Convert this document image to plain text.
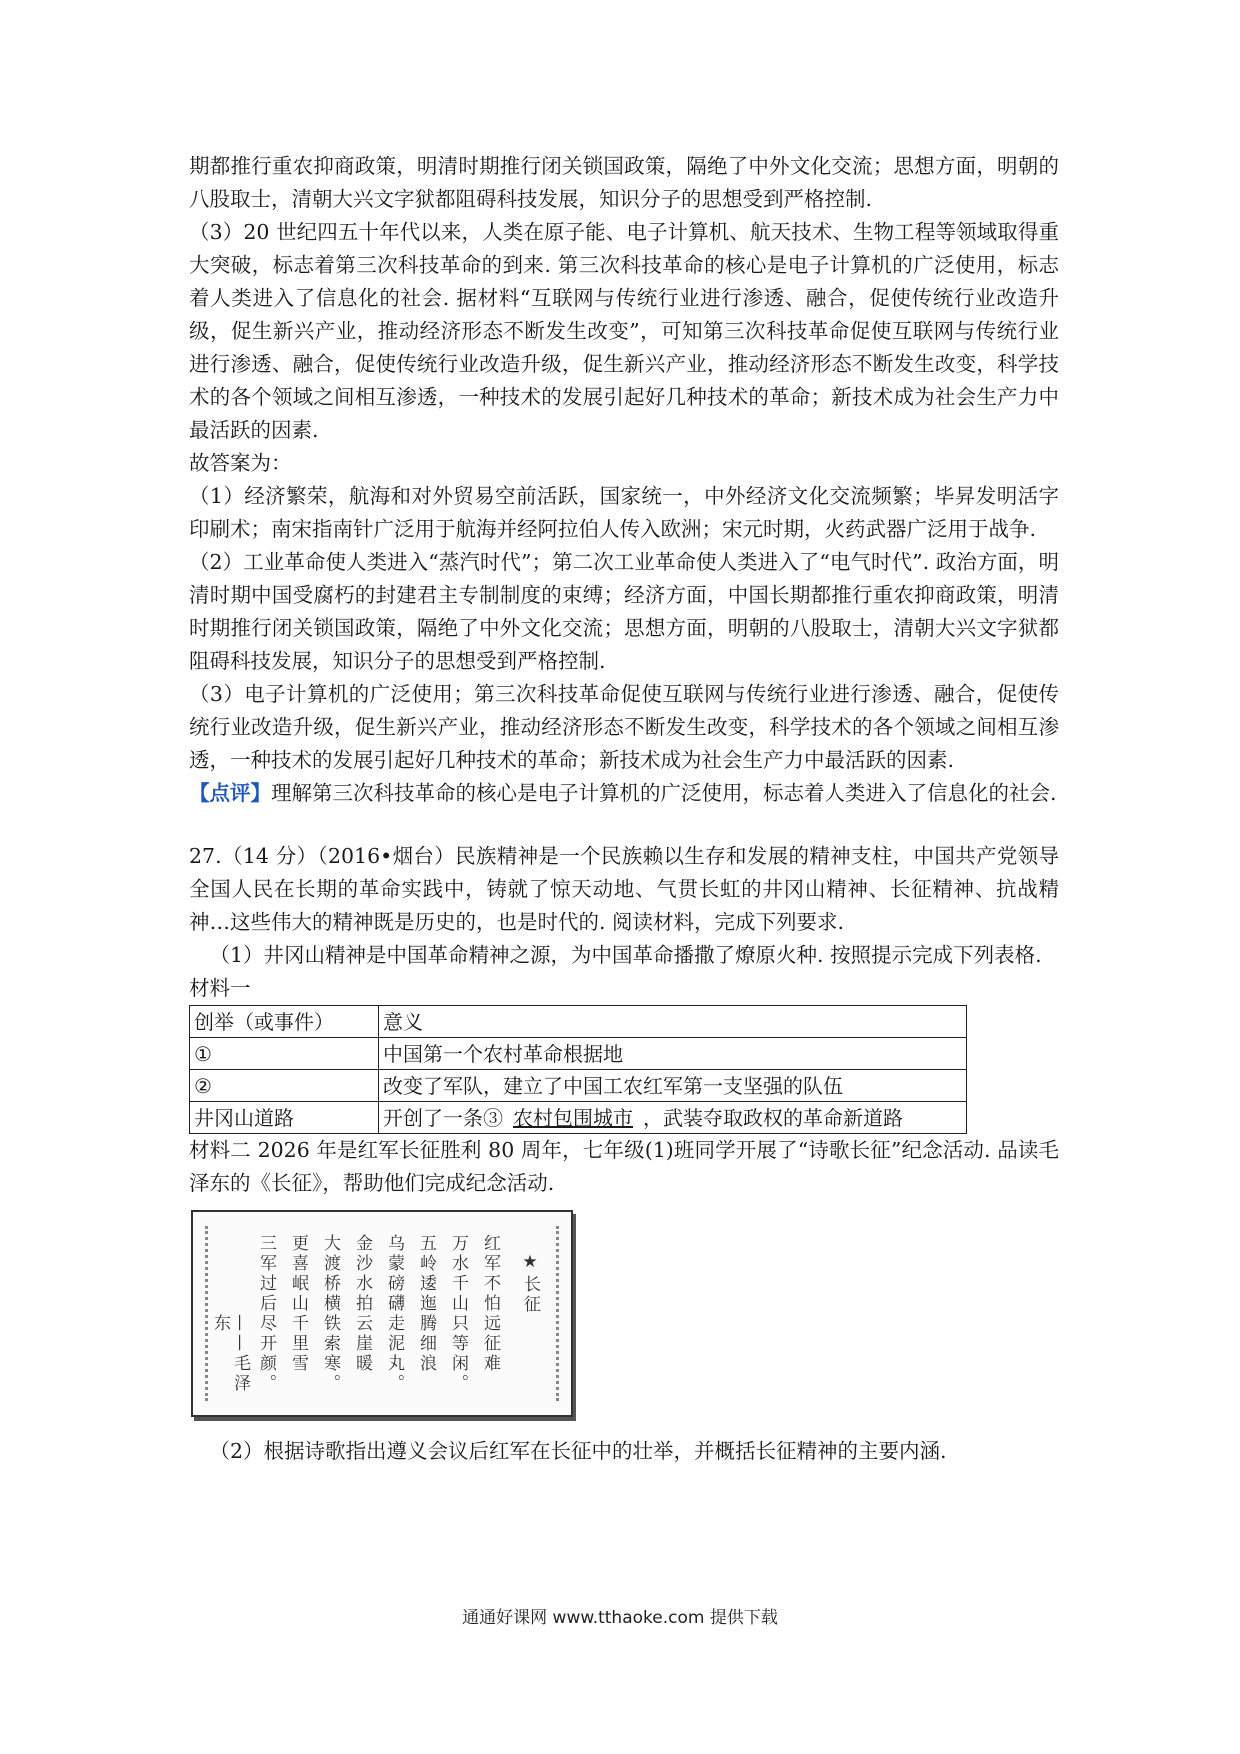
期都推行重农抑商政策，明清时期推行闭关锁国政策，隔绝了中外文化交流；思想方面，明朝的八股取士，清朝大兴文字狱都阻碍科技发展，知识分子的思想受到严格控制.

（3）20 世纪四五十年代以来，人类在原子能、电子计算机、航天技术、生物工程等领域取得重大突破，标志着第三次科技革命的到来. 第三次科技革命的核心是电子计算机的广泛使用，标志着人类进入了信息化的社会. 据材料“互联网与传统行业进行渗透、融合，促使传统行业改造升级，促生新兴产业，推动经济形态不断发生改变”，可知第三次科技革命促使互联网与传统行业进行渗透、融合，促使传统行业改造升级，促生新兴产业，推动经济形态不断发生改变，科学技术的各个领域之间相互渗透，一种技术的发展引起好几种技术的革命；新技术成为社会生产力中最活跃的因素.

故答案为：

（1）经济繁荣，航海和对外贸易空前活跃，国家统一，中外经济文化交流频繁；毕昇发明活字印刷术；南宋指南针广泛用于航海并经阿拉伯人传入欧洲；宋元时期，火药武器广泛用于战争.

（2）工业革命使人类进入“蒸汽时代”；第二次工业革命使人类进入了“电气时代”. 政治方面，明清时期中国受腐朽的封建君主专制制度的束缚；经济方面，中国长期都推行重农抑商政策，明清时期推行闭关锁国政策，隔绝了中外文化交流；思想方面，明朝的八股取士，清朝大兴文字狱都阻碍科技发展，知识分子的思想受到严格控制.

（3）电子计算机的广泛使用；第三次科技革命促使互联网与传统行业进行渗透、融合，促使传统行业改造升级，促生新兴产业，推动经济形态不断发生改变，科学技术的各个领域之间相互渗透，一种技术的发展引起好几种技术的革命；新技术成为社会生产力中最活跃的因素.

【点评】理解第三次科技革命的核心是电子计算机的广泛使用，标志着人类进入了信息化的社会.

27.（14 分）（2016•烟台）民族精神是一个民族赖以生存和发展的精神支柱，中国共产党领导全国人民在长期的革命实践中，铸就了惊天动地、气贯长虹的井冈山精神、长征精神、抗战精神…这些伟大的精神既是历史的，也是时代的. 阅读材料，完成下列要求.

（1）井冈山精神是中国革命精神之源，为中国革命播撒了燎原火种. 按照提示完成下列表格.

材料一

创举（或事件）	意义
①	中国第一个农村革命根据地
②	改变了军队，建立了中国工农红军第一支坚强的队伍
井冈山道路	开创了一条③ 农村包围城市 ，武装夺取政权的革命新道路

材料二 2026 年是红军长征胜利 80 周年，七年级(1)班同学开展了“诗歌长征”纪念活动. 品读毛泽东的《长征》，帮助他们完成纪念活动.

★长征
红军不怕远征难
万水千山只等闲。
五岭逶迤腾细浪
乌蒙磅礴走泥丸。
金沙水拍云崖暖
大渡桥横铁索寒。
更喜岷山千里雪
三军过后尽开颜。
——毛泽东

（2）根据诗歌指出遵义会议后红军在长征中的壮举，并概括长征精神的主要内涵.

通通好课网 www.tthaoke.com 提供下载
